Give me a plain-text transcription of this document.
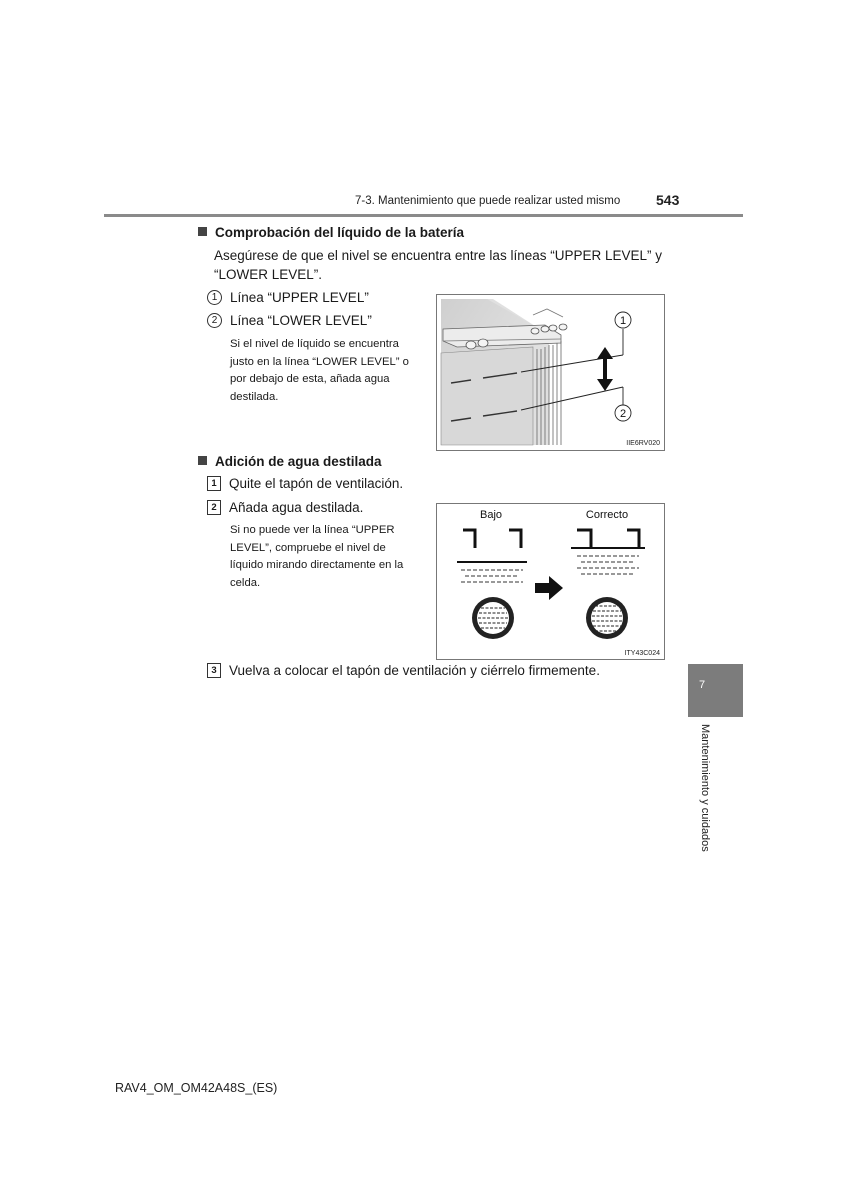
7-3. Mantenimiento que puede realizar usted mismo	543
Comprobación del líquido de la batería
Asegúrese de que el nivel se encuentra entre las líneas “UPPER LEVEL” y
“LOWER LEVEL”.
1 Línea “UPPER LEVEL”
2 Línea “LOWER LEVEL”
Si el nivel de líquido se encuentra
justo en la línea “LOWER LEVEL” o
por debajo de esta, añada agua
destilada.
1
2
IIE6RV020
Adición de agua destilada
1 Quite el tapón de ventilación.
2 Añada agua destilada.
Si no puede ver la línea “UPPER
LEVEL”, compruebe el nivel de
líquido mirando directamente en la
celda.
Bajo	Correcto
ITY43C024
3 Vuelva a colocar el tapón de ventilación y ciérrelo firmemente.
7
Mantenimiento y cuidados
RAV4_OM_OM42A48S_(ES)
